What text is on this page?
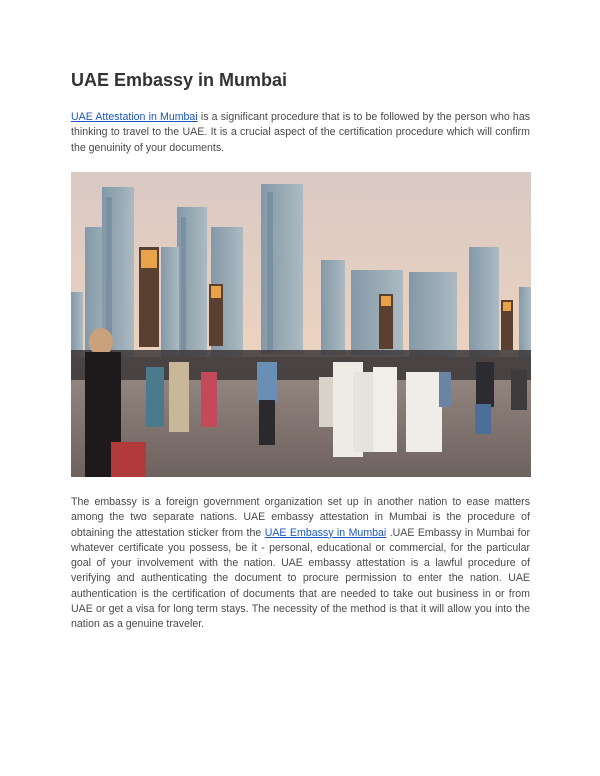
UAE Embassy in Mumbai

UAE Attestation in Mumbai is a significant procedure that is to be followed by the person who has thinking to travel to the UAE. It is a crucial aspect of the certification procedure which will confirm the genuinity of your documents.

The embassy is a foreign government organization set up in another nation to ease matters among the two separate nations. UAE embassy attestation in Mumbai is the procedure of obtaining the attestation sticker from the UAE Embassy in Mumbai .UAE Embassy in Mumbai for whatever certificate you possess, be it - personal, educational or commercial, for the particular goal of your involvement with the nation. UAE embassy attestation is a lawful procedure of verifying and authenticating the document to procure permission to enter the nation. UAE authentication is the certification of documents that are needed to take out business in or from UAE or get a visa for long term stays. The necessity of the method is that it will allow you into the nation as a genuine traveler.
